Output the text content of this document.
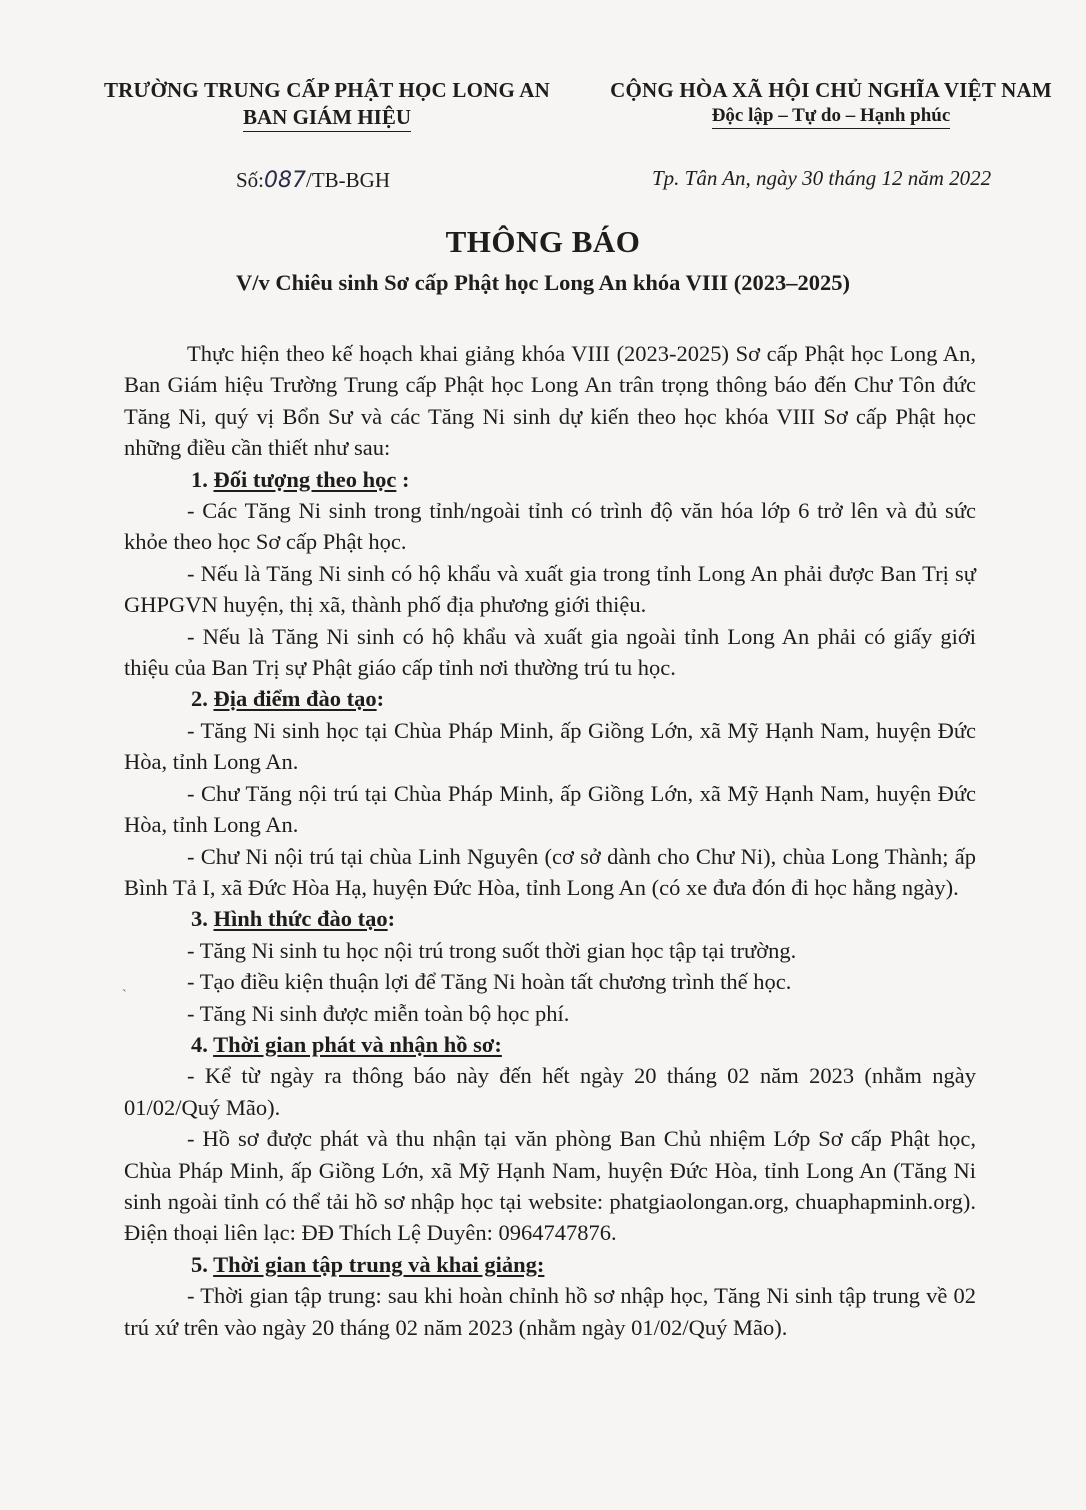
TRƯỜNG TRUNG CẤP PHẬT HỌC LONG AN
BAN GIÁM HIỆU
CỘNG HÒA XÃ HỘI CHỦ NGHĨA VIỆT NAM
Độc lập – Tự do – Hạnh phúc
Số:087/TB-BGH	Tp. Tân An, ngày 30 tháng 12 năm 2022
THÔNG BÁO
V/v Chiêu sinh Sơ cấp Phật học Long An khóa VIII (2023–2025)

Thực hiện theo kế hoạch khai giảng khóa VIII (2023-2025) Sơ cấp Phật học Long An, Ban Giám hiệu Trường Trung cấp Phật học Long An trân trọng thông báo đến Chư Tôn đức Tăng Ni, quý vị Bổn Sư và các Tăng Ni sinh dự kiến theo học khóa VIII Sơ cấp Phật học những điều cần thiết như sau:

1. Đối tượng theo học :

- Các Tăng Ni sinh trong tỉnh/ngoài tỉnh có trình độ văn hóa lớp 6 trở lên và đủ sức khỏe theo học Sơ cấp Phật học.

- Nếu là Tăng Ni sinh có hộ khẩu và xuất gia trong tỉnh Long An phải được Ban Trị sự GHPGVN huyện, thị xã, thành phố địa phương giới thiệu.

- Nếu là Tăng Ni sinh có hộ khẩu và xuất gia ngoài tỉnh Long An phải có giấy giới thiệu của Ban Trị sự Phật giáo cấp tỉnh nơi thường trú tu học.

2. Địa điểm đào tạo:

- Tăng Ni sinh học tại Chùa Pháp Minh, ấp Giồng Lớn, xã Mỹ Hạnh Nam, huyện Đức Hòa, tỉnh Long An.

- Chư Tăng nội trú tại Chùa Pháp Minh, ấp Giồng Lớn, xã Mỹ Hạnh Nam, huyện Đức Hòa, tỉnh Long An.

- Chư Ni nội trú tại chùa Linh Nguyên (cơ sở dành cho Chư Ni), chùa Long Thành; ấp Bình Tả I, xã Đức Hòa Hạ, huyện Đức Hòa, tỉnh Long An (có xe đưa đón đi học hằng ngày).

3. Hình thức đào tạo:

- Tăng Ni sinh tu học nội trú trong suốt thời gian học tập tại trường.

- Tạo điều kiện thuận lợi để Tăng Ni hoàn tất chương trình thế học.

- Tăng Ni sinh được miễn toàn bộ học phí.

4. Thời gian phát và nhận hồ sơ:

- Kể từ ngày ra thông báo này đến hết ngày 20 tháng 02 năm 2023 (nhằm ngày 01/02/Quý Mão).

- Hồ sơ được phát và thu nhận tại văn phòng Ban Chủ nhiệm Lớp Sơ cấp Phật học, Chùa Pháp Minh, ấp Giồng Lớn, xã Mỹ Hạnh Nam, huyện Đức Hòa, tỉnh Long An (Tăng Ni sinh ngoài tỉnh có thể tải hồ sơ nhập học tại website: phatgiaolongan.org, chuaphapminh.org). Điện thoại liên lạc: ĐĐ Thích Lệ Duyên: 0964747876.

5. Thời gian tập trung và khai giảng:

- Thời gian tập trung: sau khi hoàn chỉnh hồ sơ nhập học, Tăng Ni sinh tập trung về 02 trú xứ trên vào ngày 20 tháng 02 năm 2023 (nhằm ngày 01/02/Quý Mão).

ˋ
